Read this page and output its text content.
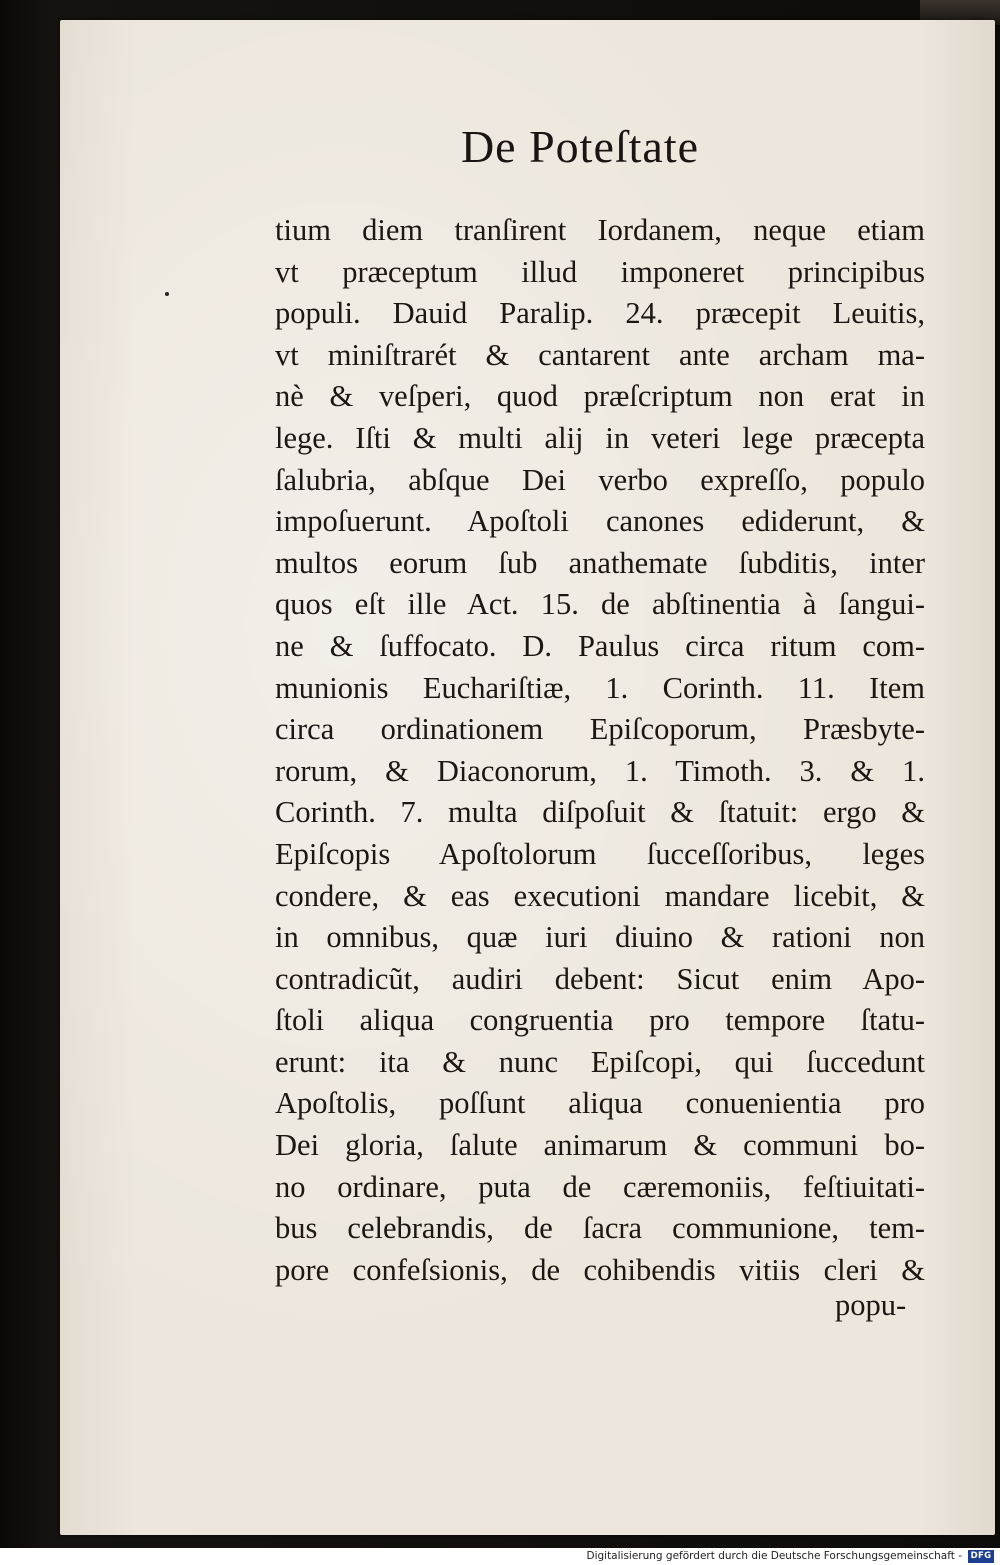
De Poteſtate
tium diem tranſirent Iordanem, neque etiam
vt præceptum illud imponeret principibus
populi. Dauid Paralip. 24. præcepit Leuitis,
vt miniſtrarét & cantarent ante archam ma-
nè & veſperi, quod præſcriptum non erat in
lege. Iſti & multi alij in veteri lege præcepta
ſalubria, abſque Dei verbo expreſſo, populo
impoſuerunt. Apoſtoli canones ediderunt, &
multos eorum ſub anathemate ſubditis, inter
quos eſt ille Act. 15. de abſtinentia à ſangui-
ne & ſuffocato. D. Paulus circa ritum com-
munionis Euchariſtiæ, 1. Corinth. 11. Item
circa ordinationem Epiſcoporum, Præsbyte-
rorum, & Diaconorum, 1. Timoth. 3. & 1.
Corinth. 7. multa diſpoſuit & ſtatuit: ergo &
Epiſcopis Apoſtolorum ſucceſſoribus, leges
condere, & eas executioni mandare licebit, &
in omnibus, quæ iuri diuino & rationi non
contradicũt, audiri debent: Sicut enim Apo-
ſtoli aliqua congruentia pro tempore ſtatu-
erunt: ita & nunc Epiſcopi, qui ſuccedunt
Apoſtolis, poſſunt aliqua conuenientia pro
Dei gloria, ſalute animarum & communi bo-
no ordinare, puta de cæremoniis, feſtiuitati-
bus celebrandis, de ſacra communione, tem-
pore confeſsionis, de cohibendis vitiis cleri &
popu-
Digitalisierung gefördert durch die Deutsche Forschungsgemeinschaft -	DFG
